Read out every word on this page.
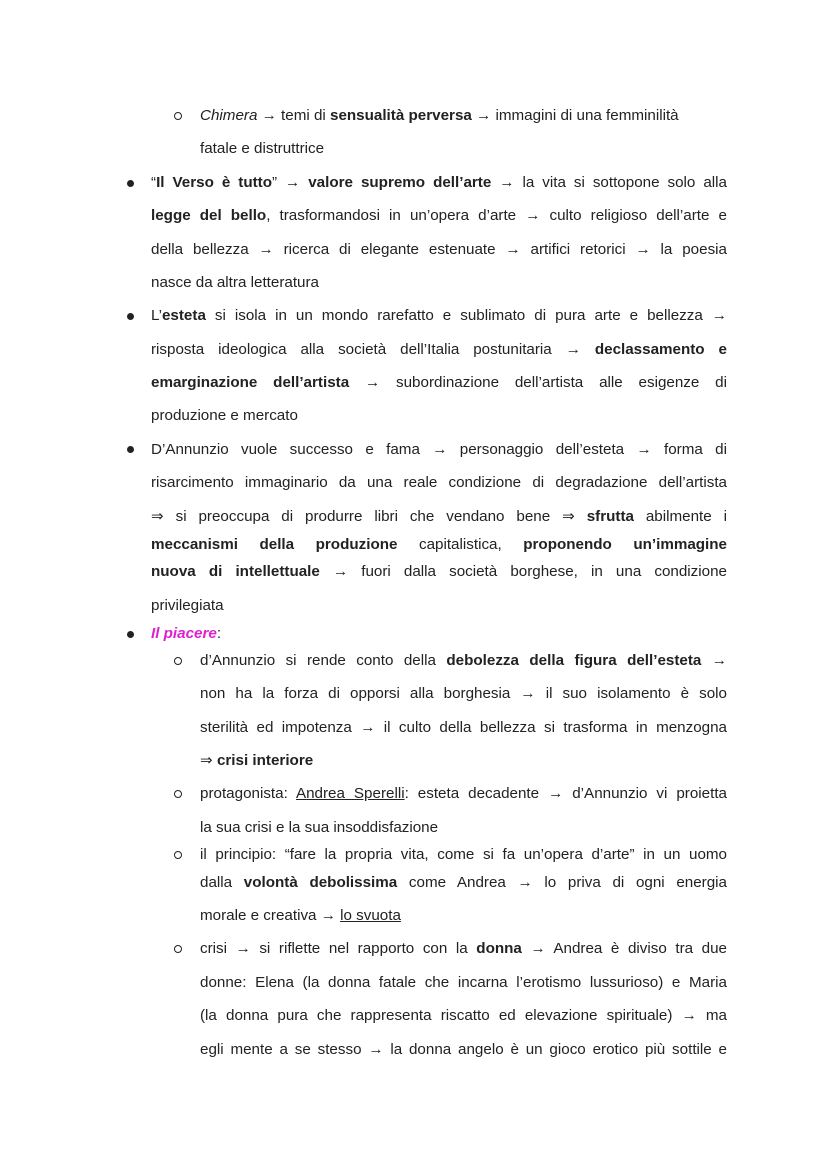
Chimera → temi di sensualità perversa → immagini di una femminilità
fatale e distruttrice
“Il Verso è tutto” → valore supremo dell’arte → la vita si sottopone solo alla
legge del bello, trasformandosi in un’opera d’arte → culto religioso dell’arte e
della bellezza → ricerca di elegante estenuate → artifici retorici → la poesia
nasce da altra letteratura
L’esteta si isola in un mondo rarefatto e sublimato di pura arte e bellezza →
risposta ideologica alla società dell’Italia postunitaria → declassamento e
emarginazione dell’artista → subordinazione dell’artista alle esigenze di
produzione e mercato
D’Annunzio vuole successo e fama → personaggio dell’esteta → forma di
risarcimento immaginario da una reale condizione di degradazione dell’artista
⇒ si preoccupa di produrre libri che vendano bene ⇒ sfrutta abilmente i
meccanismi della produzione capitalistica, proponendo un’immagine
nuova di intellettuale → fuori dalla società borghese, in una condizione
privilegiata
Il piacere:
d’Annunzio si rende conto della debolezza della figura dell’esteta →
non ha la forza di opporsi alla borghesia → il suo isolamento è solo
sterilità ed impotenza → il culto della bellezza si trasforma in menzogna
⇒ crisi interiore
protagonista: Andrea Sperelli: esteta decadente → d’Annunzio vi proietta
la sua crisi e la sua insoddisfazione
il principio: “fare la propria vita, come si fa un’opera d’arte” in un uomo
dalla volontà debolissima come Andrea → lo priva di ogni energia
morale e creativa → lo svuota
crisi → si riflette nel rapporto con la donna → Andrea è diviso tra due
donne: Elena (la donna fatale che incarna l’erotismo lussurioso) e Maria
(la donna pura che rappresenta riscatto ed elevazione spirituale) → ma
egli mente a se stesso → la donna angelo è un gioco erotico più sottile e
